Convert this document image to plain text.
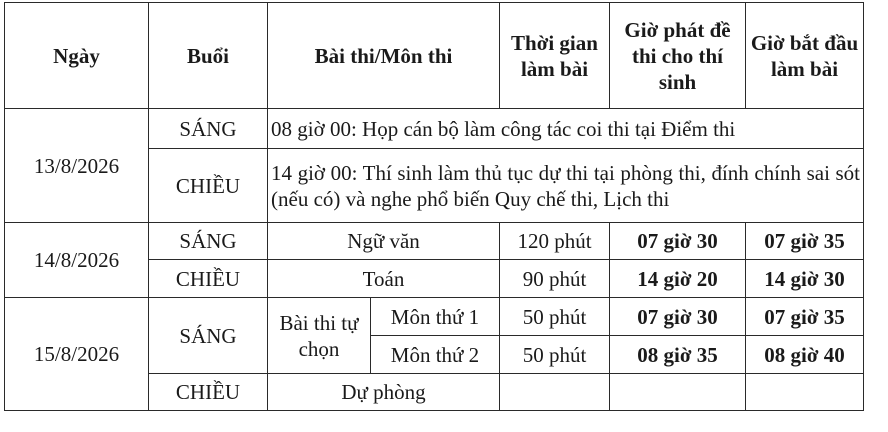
Ngày	Buổi	Bài thi/Môn thi		Thời gian làm bài	Giờ phát đề thi cho thí sinh	Giờ bắt đầu làm bài
13/8/2026	SÁNG	08 giờ 00: Họp cán bộ làm công tác coi thi tại Điểm thi				
	CHIỀU	14 giờ 00: Thí sinh làm thủ tục dự thi tại phòng thi, đính chính sai sót (nếu có) và nghe phổ biến Quy chế thi, Lịch thi				
14/8/2026	SÁNG	Ngữ văn		120 phút	07 giờ 30	07 giờ 35
	CHIỀU	Toán		90 phút	14 giờ 20	14 giờ 30
15/8/2026	SÁNG	Bài thi tự chọn	Môn thứ 1	50 phút	07 giờ 30	07 giờ 35
			Môn thứ 2	50 phút	08 giờ 35	08 giờ 40
	CHIỀU	Dự phòng				
